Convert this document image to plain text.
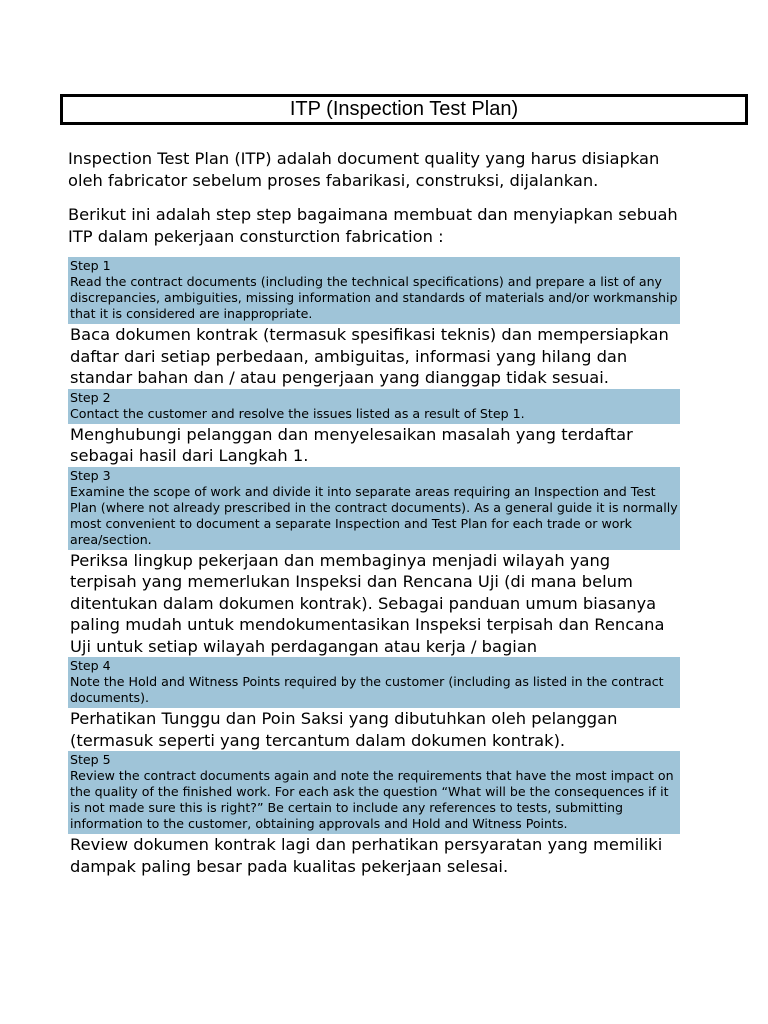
ITP (Inspection Test Plan)

Inspection Test Plan (ITP) adalah document quality yang harus disiapkan oleh fabricator sebelum proses fabarikasi, construksi, dijalankan.

Berikut ini adalah step step bagaimana membuat dan menyiapkan sebuah ITP dalam pekerjaan consturction fabrication :

Step 1
Read the contract documents (including the technical specifications) and prepare a list of any discrepancies, ambiguities, missing information and standards of materials and/or workmanship that it is considered are inappropriate.

Baca dokumen kontrak (termasuk spesifikasi teknis) dan mempersiapkan daftar dari setiap perbedaan, ambiguitas, informasi yang hilang dan standar bahan dan / atau pengerjaan yang dianggap tidak sesuai.

Step 2
Contact the customer and resolve the issues listed as a result of Step 1.

Menghubungi pelanggan dan menyelesaikan masalah yang terdaftar sebagai hasil dari Langkah 1.

Step 3
Examine the scope of work and divide it into separate areas requiring an Inspection and Test Plan (where not already prescribed in the contract documents). As a general guide it is normally most convenient to document a separate Inspection and Test Plan for each trade or work area/section.

Periksa lingkup pekerjaan dan membaginya menjadi wilayah yang terpisah yang memerlukan Inspeksi dan Rencana Uji (di mana belum ditentukan dalam dokumen kontrak). Sebagai panduan umum biasanya paling mudah untuk mendokumentasikan Inspeksi terpisah dan Rencana Uji untuk setiap wilayah perdagangan atau kerja / bagian

Step 4
Note the Hold and Witness Points required by the customer (including as listed in the contract documents).

Perhatikan Tunggu dan Poin Saksi yang dibutuhkan oleh pelanggan (termasuk seperti yang tercantum dalam dokumen kontrak).

Step 5
Review the contract documents again and note the requirements that have the most impact on the quality of the finished work. For each ask the question “What will be the consequences if it is not made sure this is right?” Be certain to include any references to tests, submitting information to the customer, obtaining approvals and Hold and Witness Points.

Review dokumen kontrak lagi dan perhatikan persyaratan yang memiliki dampak paling besar pada kualitas pekerjaan selesai.
